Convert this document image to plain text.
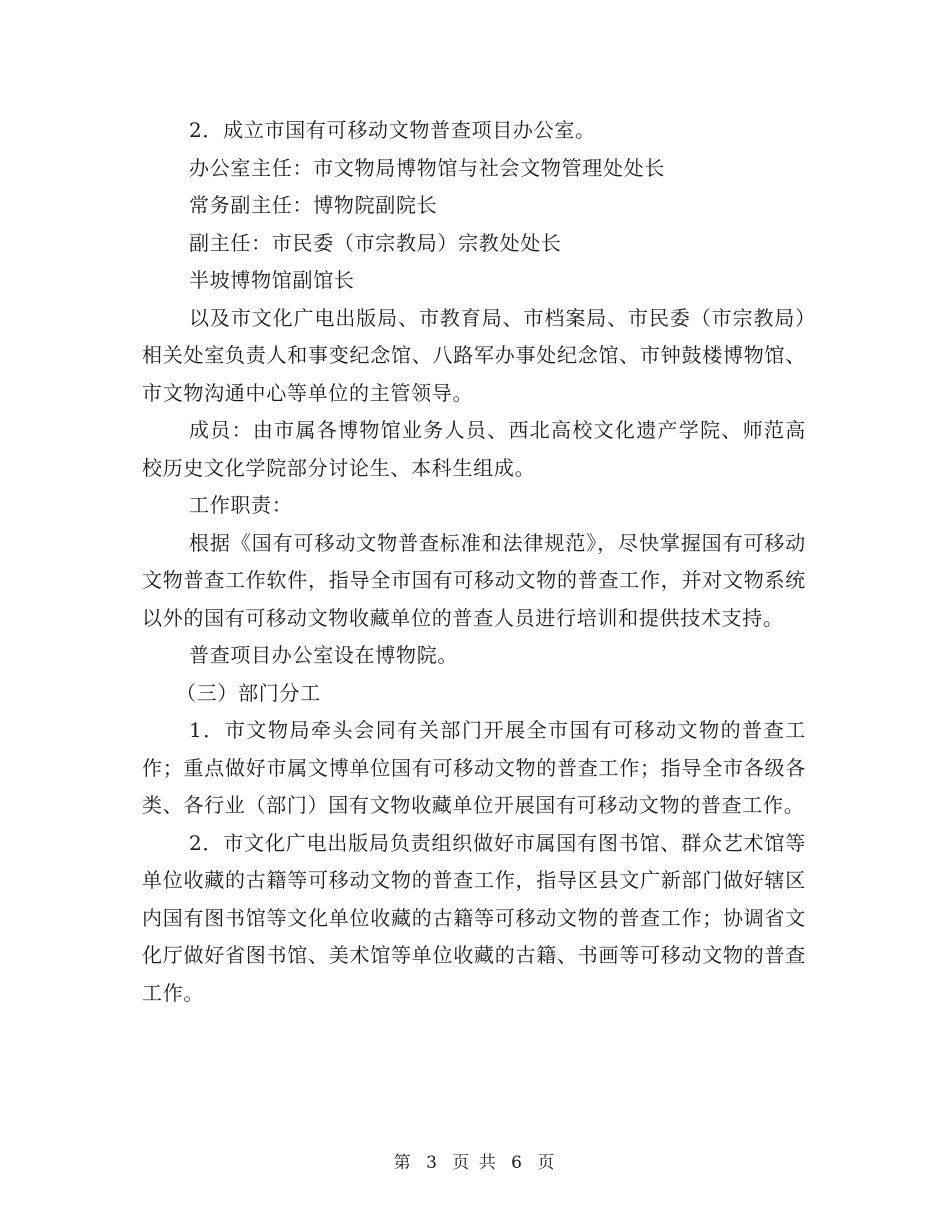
2．成立市国有可移动文物普查项目办公室。

办公室主任：市文物局博物馆与社会文物管理处处长

常务副主任：博物院副院长

副主任：市民委（市宗教局）宗教处处长

半坡博物馆副馆长

以及市文化广电出版局、市教育局、市档案局、市民委（市宗教局）相关处室负责人和事变纪念馆、八路军办事处纪念馆、市钟鼓楼博物馆、市文物沟通中心等单位的主管领导。

成员：由市属各博物馆业务人员、西北高校文化遗产学院、师范高校历史文化学院部分讨论生、本科生组成。

工作职责：

根据《国有可移动文物普查标准和法律规范》，尽快掌握国有可移动文物普查工作软件，指导全市国有可移动文物的普查工作，并对文物系统以外的国有可移动文物收藏单位的普查人员进行培训和提供技术支持。

普查项目办公室设在博物院。

（三）部门分工

1．市文物局牵头会同有关部门开展全市国有可移动文物的普查工作；重点做好市属文博单位国有可移动文物的普查工作；指导全市各级各类、各行业（部门）国有文物收藏单位开展国有可移动文物的普查工作。

2．市文化广电出版局负责组织做好市属国有图书馆、群众艺术馆等单位收藏的古籍等可移动文物的普查工作，指导区县文广新部门做好辖区内国有图书馆等文化单位收藏的古籍等可移动文物的普查工作；协调省文化厅做好省图书馆、美术馆等单位收藏的古籍、书画等可移动文物的普查工作。

第 3 页 共 6 页
